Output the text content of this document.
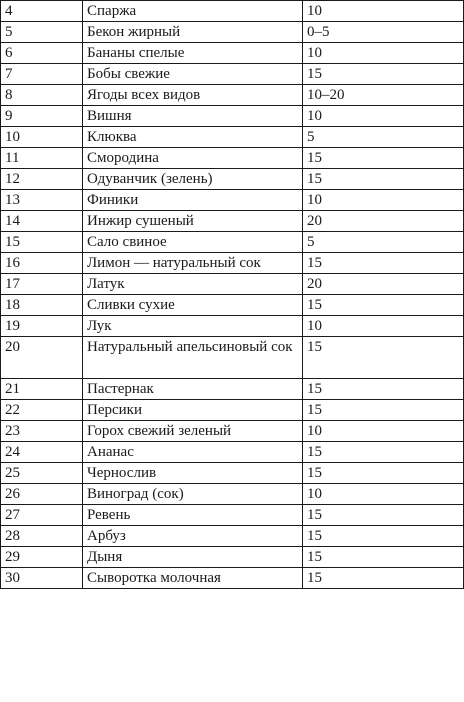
4	Спаржа	10
5	Бекон жирный	0–5
6	Бананы спелые	10
7	Бобы свежие	15
8	Ягоды всех видов	10–20
9	Вишня	10
10	Клюква	5
11	Смородина	15
12	Одуванчик (зелень)	15
13	Финики	10
14	Инжир сушеный	20
15	Сало свиное	5
16	Лимон — натуральный сок	15
17	Латук	20
18	Сливки сухие	15
19	Лук	10
20	Натуральный апельсиновый сок	15
21	Пастернак	15
22	Персики	15
23	Горох свежий зеленый	10
24	Ананас	15
25	Чернослив	15
26	Виноград (сок)	10
27	Ревень	15
28	Арбуз	15
29	Дыня	15
30	Сыворотка молочная	15
